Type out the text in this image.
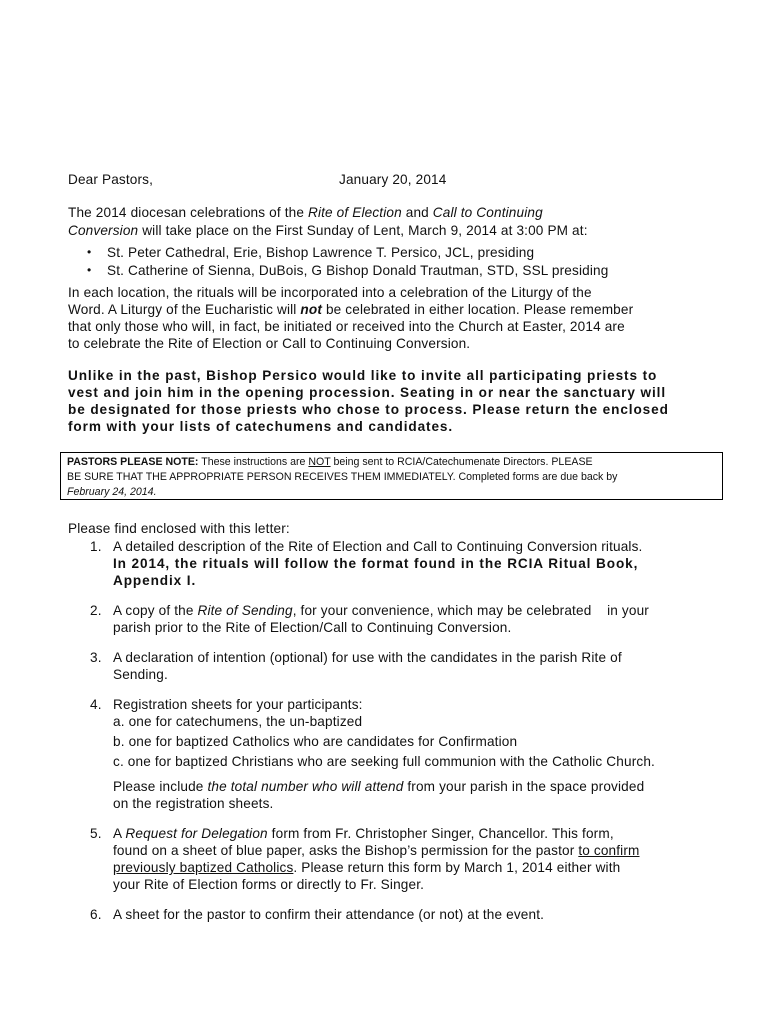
Dear Pastors,	January 20, 2014
The 2014 diocesan celebrations of the Rite of Election and Call to Continuing
Conversion will take place on the First Sunday of Lent, March 9, 2014 at 3:00 PM at:
• St. Peter Cathedral, Erie, Bishop Lawrence T. Persico, JCL, presiding
• St. Catherine of Sienna, DuBois, G Bishop Donald Trautman, STD, SSL presiding
In each location, the rituals will be incorporated into a celebration of the Liturgy of the
Word. A Liturgy of the Eucharistic will not be celebrated in either location. Please remember
that only those who will, in fact, be initiated or received into the Church at Easter, 2014 are
to celebrate the Rite of Election or Call to Continuing Conversion.
Unlike in the past, Bishop Persico would like to invite all participating priests to
vest and join him in the opening procession. Seating in or near the sanctuary will
be designated for those priests who chose to process. Please return the enclosed
form with your lists of catechumens and candidates.
PASTORS PLEASE NOTE: These instructions are NOT being sent to RCIA/Catechumenate Directors. PLEASE
BE SURE THAT THE APPROPRIATE PERSON RECEIVES THEM IMMEDIATELY. Completed forms are due back by
February 24, 2014.
Please find enclosed with this letter:
1. A detailed description of the Rite of Election and Call to Continuing Conversion rituals.
In 2014, the rituals will follow the format found in the RCIA Ritual Book,
Appendix I.
2. A copy of the Rite of Sending, for your convenience, which may be celebrated    in your
parish prior to the Rite of Election/Call to Continuing Conversion.
3. A declaration of intention (optional) for use with the candidates in the parish Rite of
Sending.
4. Registration sheets for your participants:
a. one for catechumens, the un-baptized
b. one for baptized Catholics who are candidates for Confirmation
c. one for baptized Christians who are seeking full communion with the Catholic Church.
Please include the total number who will attend from your parish in the space provided
on the registration sheets.
5. A Request for Delegation form from Fr. Christopher Singer, Chancellor. This form,
found on a sheet of blue paper, asks the Bishop’s permission for the pastor to confirm
previously baptized Catholics. Please return this form by March 1, 2014 either with
your Rite of Election forms or directly to Fr. Singer.
6. A sheet for the pastor to confirm their attendance (or not) at the event.
